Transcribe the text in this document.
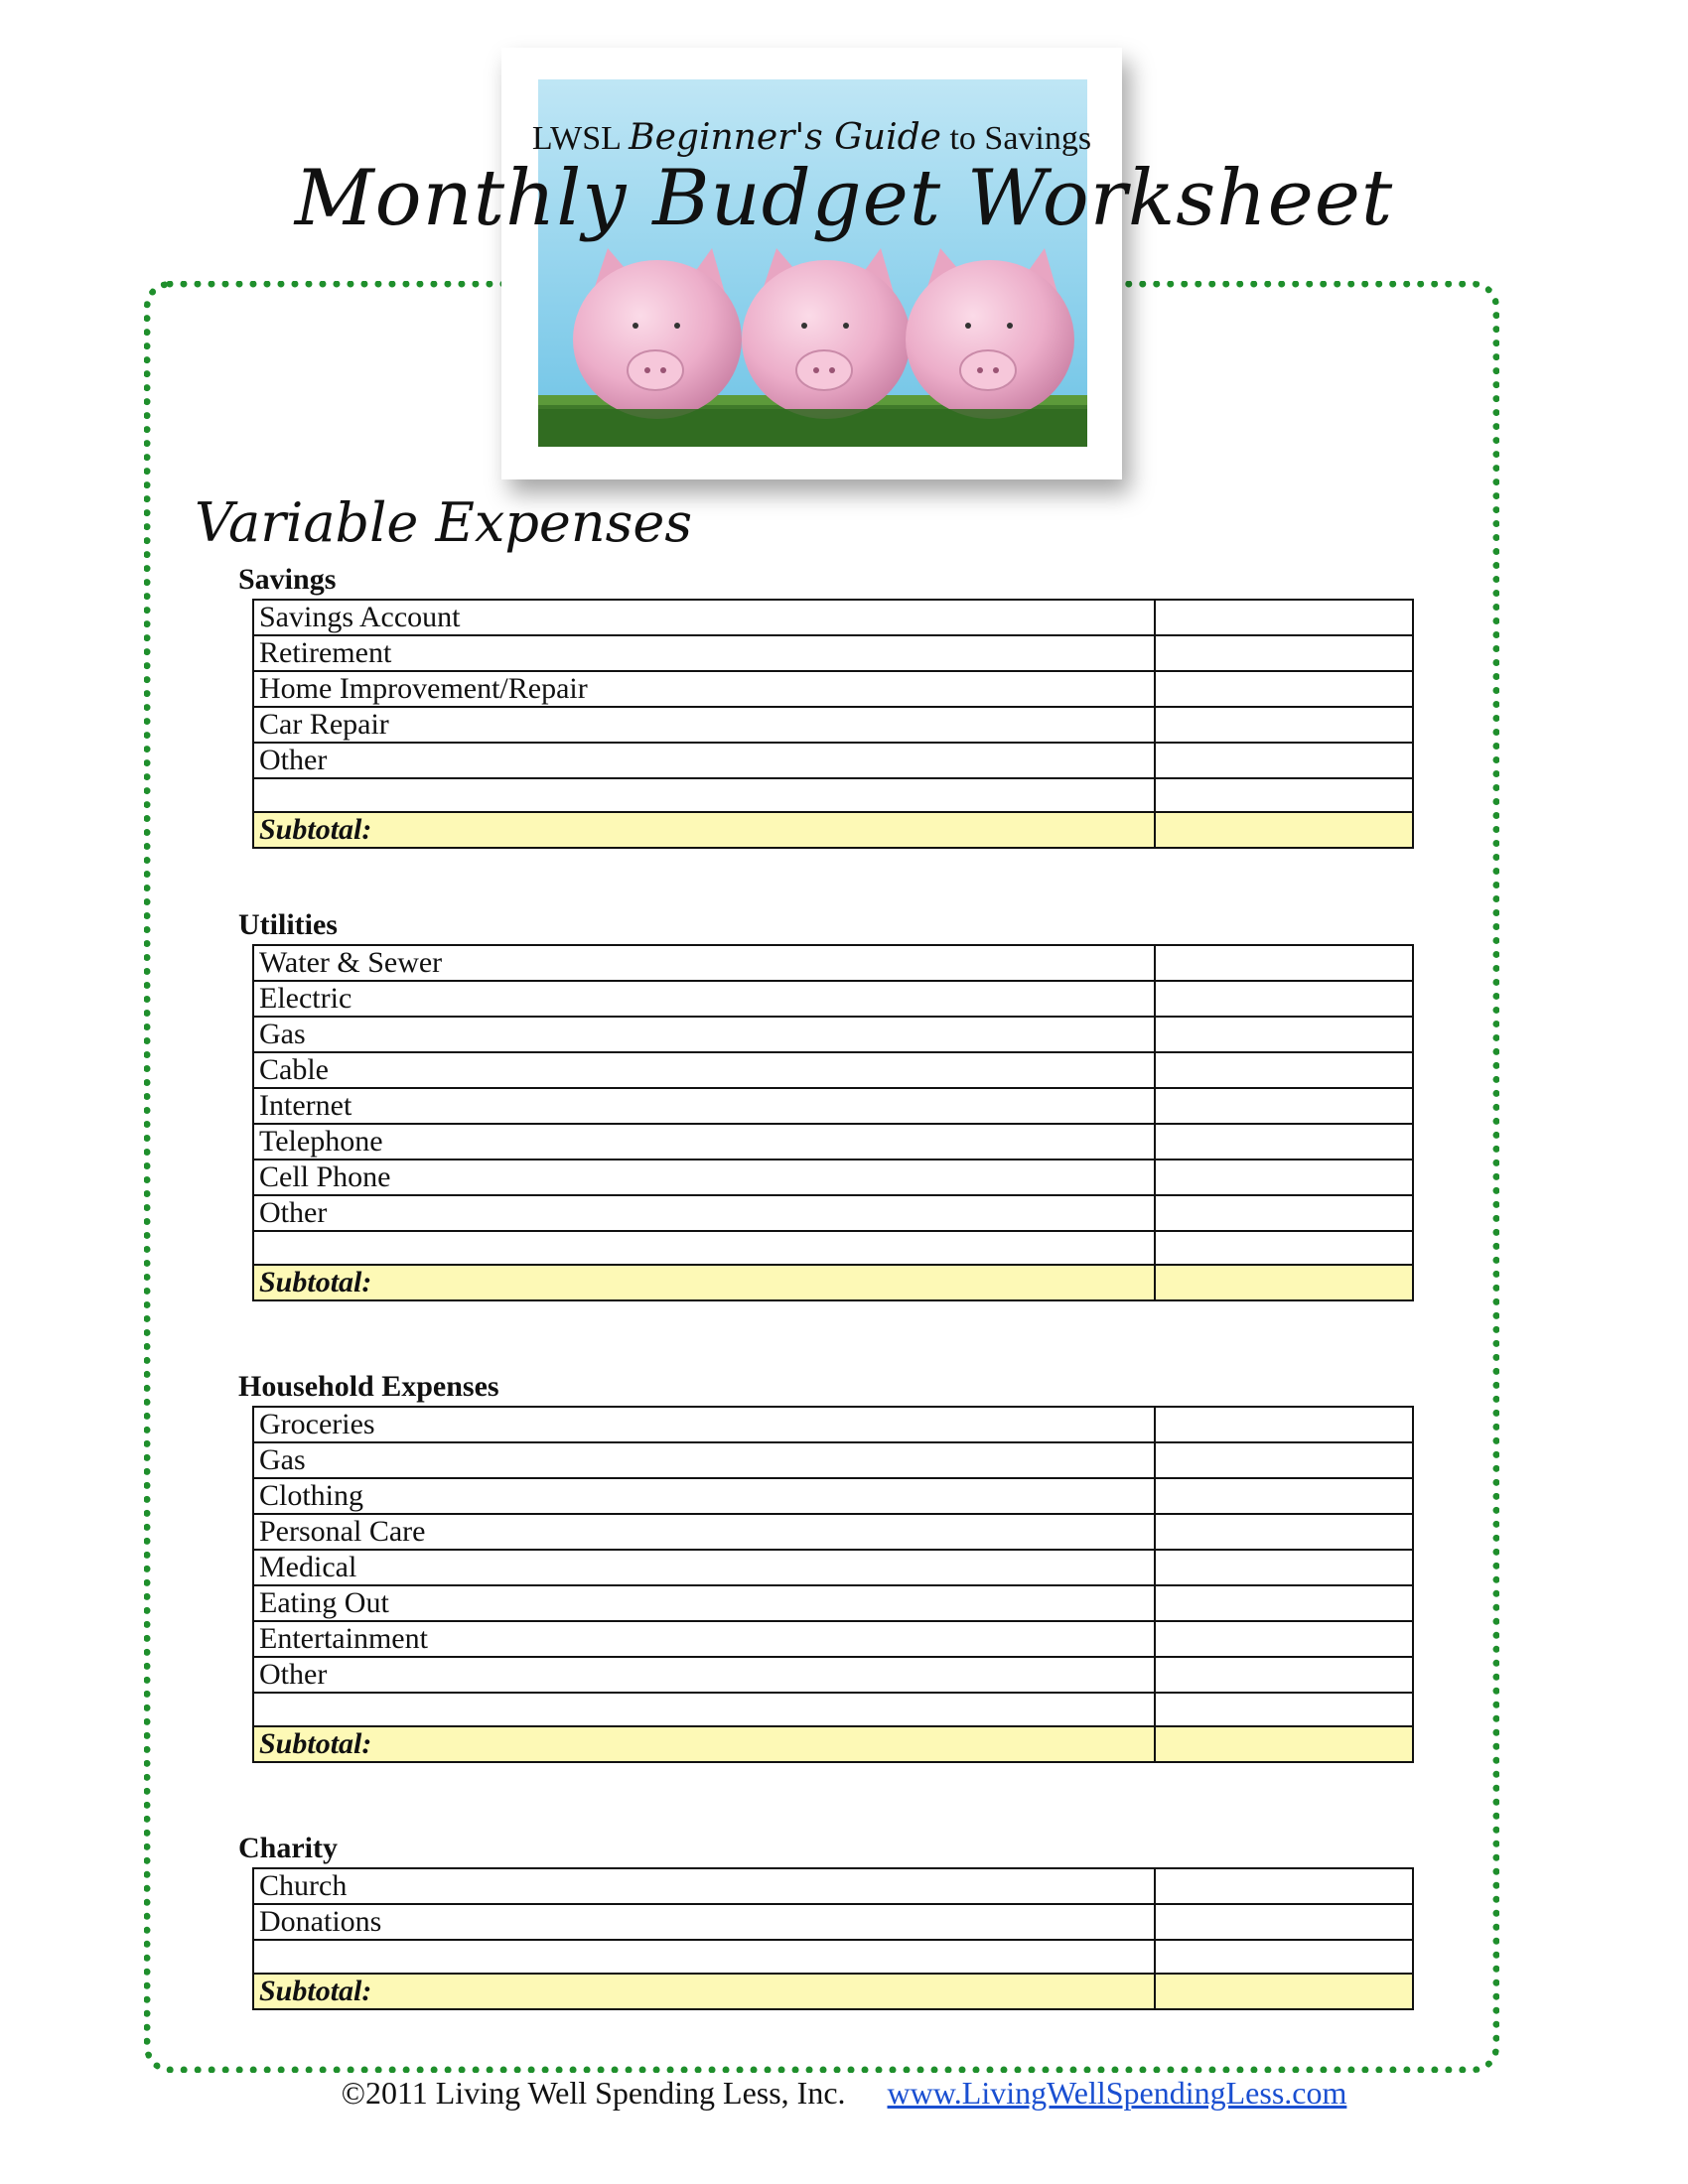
LWSL Beginner's Guide to Savings
Monthly Budget Worksheet
Variable Expenses
Savings
Savings Account	
Retirement	
Home Improvement/Repair	
Car Repair	
Other	

Subtotal:	
Utilities
Water & Sewer	
Electric	
Gas	
Cable	
Internet	
Telephone	
Cell Phone	
Other	

Subtotal:	
Household Expenses
Groceries	
Gas	
Clothing	
Personal Care	
Medical	
Eating Out	
Entertainment	
Other	

Subtotal:	
Charity
Church	
Donations	

Subtotal:	
©2011 Living Well Spending Less, Inc. www.LivingWellSpendingLess.com
